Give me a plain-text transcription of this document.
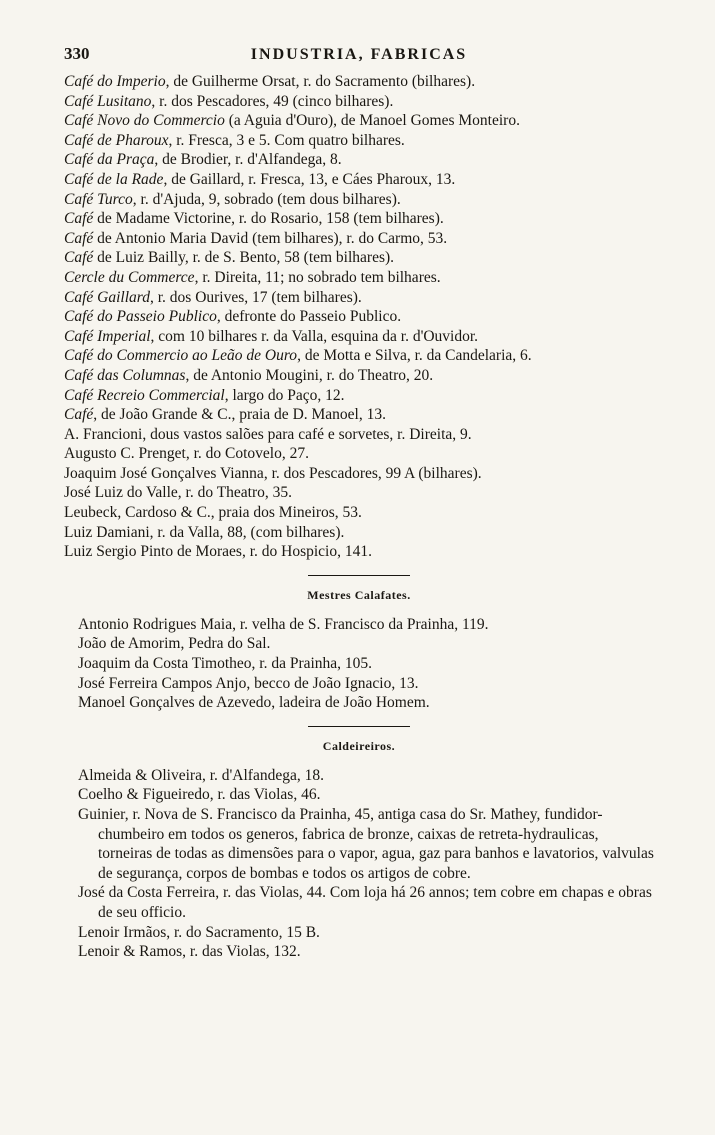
330	INDUSTRIA, FABRICAS
Café do Imperio, de Guilherme Orsat, r. do Sacramento (bilhares).
Café Lusitano, r. dos Pescadores, 49 (cinco bilhares).
Café Novo do Commercio (a Aguia d'Ouro), de Manoel Gomes Monteiro.
Café de Pharoux, r. Fresca, 3 e 5. Com quatro bilhares.
Café da Praça, de Brodier, r. d'Alfandega, 8.
Café de la Rade, de Gaillard, r. Fresca, 13, e Cáes Pharoux, 13.
Café Turco, r. d'Ajuda, 9, sobrado (tem dous bilhares).
Café de Madame Victorine, r. do Rosario, 158 (tem bilhares).
Café de Antonio Maria David (tem bilhares), r. do Carmo, 53.
Café de Luiz Bailly, r. de S. Bento, 58 (tem bilhares).
Cercle du Commerce, r. Direita, 11; no sobrado tem bilhares.
Café Gaillard, r. dos Ourives, 17 (tem bilhares).
Café do Passeio Publico, defronte do Passeio Publico.
Café Imperial, com 10 bilhares r. da Valla, esquina da r. d'Ouvidor.
Café do Commercio ao Leão de Ouro, de Motta e Silva, r. da Candelaria, 6.
Café das Columnas, de Antonio Mougini, r. do Theatro, 20.
Café Recreio Commercial, largo do Paço, 12.
Café, de João Grande & C., praia de D. Manoel, 13.
A. Francioni, dous vastos salões para café e sorvetes, r. Direita, 9.
Augusto C. Prenget, r. do Cotovelo, 27.
Joaquim José Gonçalves Vianna, r. dos Pescadores, 99 A (bilhares).
José Luiz do Valle, r. do Theatro, 35.
Leubeck, Cardoso & C., praia dos Mineiros, 53.
Luiz Damiani, r. da Valla, 88, (com bilhares).
Luiz Sergio Pinto de Moraes, r. do Hospicio, 141.
Mestres Calafates.
Antonio Rodrigues Maia, r. velha de S. Francisco da Prainha, 119.
João de Amorim, Pedra do Sal.
Joaquim da Costa Timotheo, r. da Prainha, 105.
José Ferreira Campos Anjo, becco de João Ignacio, 13.
Manoel Gonçalves de Azevedo, ladeira de João Homem.
Caldeireiros.
Almeida & Oliveira, r. d'Alfandega, 18.
Coelho & Figueiredo, r. das Violas, 46.
Guinier, r. Nova de S. Francisco da Prainha, 45, antiga casa do Sr. Mathey, fundidor-chumbeiro em todos os generos, fabrica de bronze, caixas de retreta-hydraulicas, torneiras de todas as dimensões para o vapor, agua, gaz para banhos e lavatorios, valvulas de segurança, corpos de bombas e todos os artigos de cobre.
José da Costa Ferreira, r. das Violas, 44. Com loja há 26 annos; tem cobre em chapas e obras de seu officio.
Lenoir Irmãos, r. do Sacramento, 15 B.
Lenoir & Ramos, r. das Violas, 132.
